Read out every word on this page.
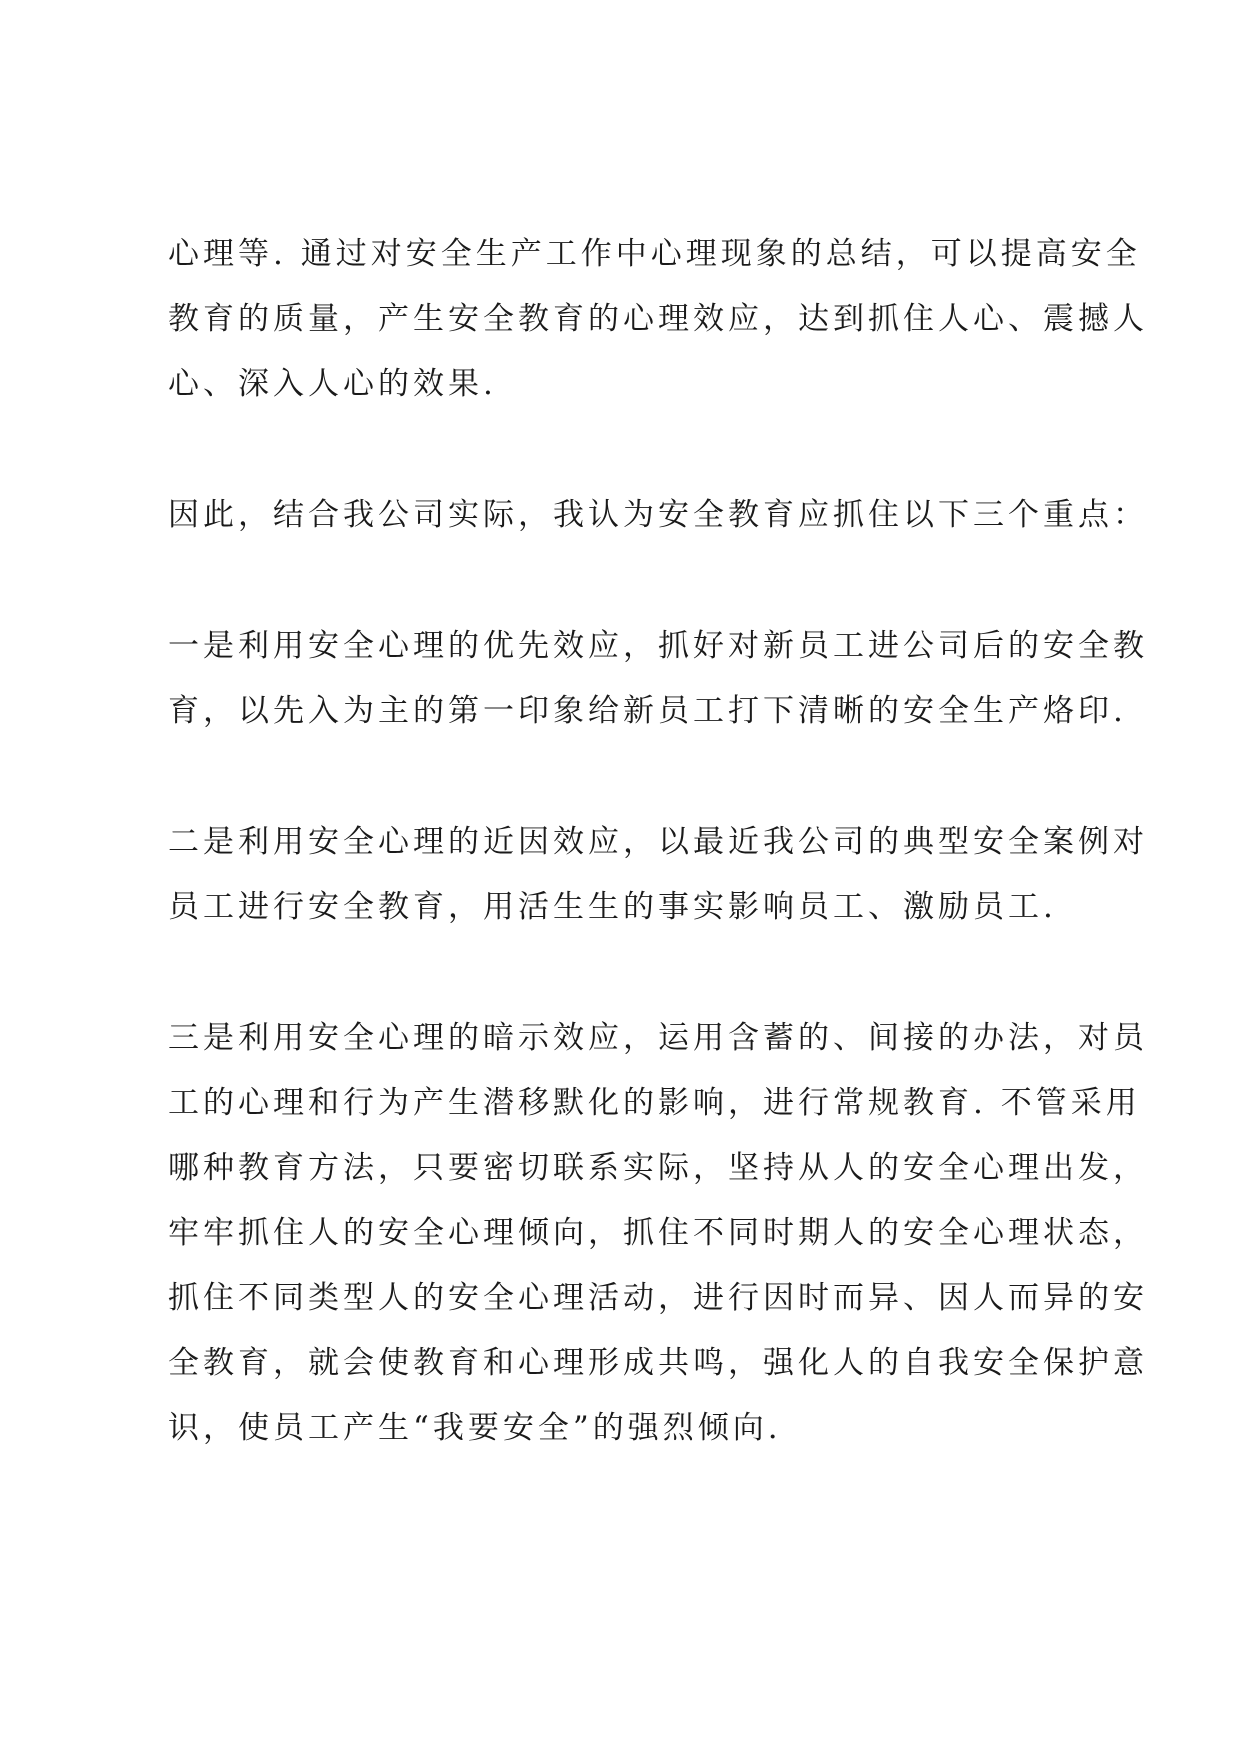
心理等. 通过对安全生产工作中心理现象的总结，可以提高安全
教育的质量，产生安全教育的心理效应，达到抓住人心、震撼人
心、深入人心的效果.
因此，结合我公司实际，我认为安全教育应抓住以下三个重点：
一是利用安全心理的优先效应，抓好对新员工进公司后的安全教
育，以先入为主的第一印象给新员工打下清晰的安全生产烙印.
二是利用安全心理的近因效应，以最近我公司的典型安全案例对
员工进行安全教育，用活生生的事实影响员工、激励员工.
三是利用安全心理的暗示效应，运用含蓄的、间接的办法，对员
工的心理和行为产生潜移默化的影响，进行常规教育. 不管采用
哪种教育方法，只要密切联系实际，坚持从人的安全心理出发，
牢牢抓住人的安全心理倾向，抓住不同时期人的安全心理状态，
抓住不同类型人的安全心理活动，进行因时而异、因人而异的安
全教育，就会使教育和心理形成共鸣，强化人的自我安全保护意
识，使员工产生“我要安全”的强烈倾向.
